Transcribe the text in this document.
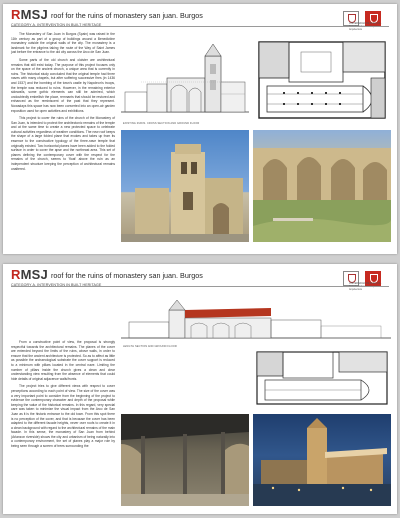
RMSJ roof for the ruins of monastery san juan. Burgos
CATEGORY A. INTERVENTION IN BUILT HERITAGE	UNIVERSIDAD DE BURGOS · Escuela Politécnica Superior · Arquitectura

The Monastery of San Juan in Burgos (Spain) was raised in the 11th century as part of a group of buildings around a Benedictine monastery outside the original walls of the city. The monastery is a landmark for the pilgrims taking the route of the Way of Saint James just before the entrance to the old city across the Arco de San Juan.

Some parts of the old church and cloister are architectural remains that still exist today. The purpose of this project focuses only on the space of the ancient church, a unique area that is currently in ruins. The historical study concluded that the original temple had three naves with many chapels, but after suffering successive fires (in 1436 and 1537) and the bombing of the town's castle by Napoleon's troops, the temple was reduced to ruins. However, in the remaining exterior sidewalls, some gothic elements can still be admired, which undoubtedly embellish the place, remnants that should be restored and enhanced as the reminiscent of the past that they represent. Nowadays this space has now been converted into an open-air garden exposition used for open activities and exhibitions.

This project to cover the ruins of the church of the Monastery of San Juan, is intended to protect the architectonic remains of the temple and at the same time to create a new protected space to celebrate cultural activities regardless of weather conditions. The new roof keeps the shape of a large folded plane that evokes and takes up from its essence to the constructive typology of the three-nave temple that originally existed. Two horizontal planes have been added to the folded surface in order to cover the apse and the northeast area. This set of planes defining the contemporary cover with the respect for the remains of the church, seems to 'float' above the ruin as an independent structure keeping the perception of architectural remains unaltered.

EXISTING RUINS. CROSS SECTION AND GROUND FLOOR
RMSJ roof for the ruins of monastery san juan. Burgos
CATEGORY A. INTERVENTION IN BUILT HERITAGE	UNIVERSIDAD DE BURGOS · Escuela Politécnica Superior · Arquitectura

From a constructive point of view, the proposal is strongly respectful towards the architectural remains. The planes of the cover are extended beyond the limits of the ruins, above walls, in order to ensure that the ancient architecture is protected. So as to affect as little as possible the archaeological substrate the cover support is reduced to a minimum with pillars located in the central nave. Limiting the number of pillars inside the church gives a clean and clear understanding view resulting from the absence of elements that could hide details of original adjacence walls/fronts.

The project tries to give different views with respect to cover perceptions according to each point of view. The size of the cover was a very important point to consider from the beginning of the project to evidence the contemporary character and depth of the proposal while keeping the value of the historical remains. In this regard, very special care was taken to minimize the visual impact from the Arco de San Juan as it is the historic entrance to the old town. From this spot there is no perception of the cover, and that is because the cover has been adapted to the different facade heights, never over roofs to create it in a clean background with regard to the architectural remains of the main facade. In this sense, the monastery of San Juan from behind (Arlanzon riverside) shows the city and urbanism of being naturally into a contemporary environment, the set of planes play a major role by being seen through a screen of trees surrounding the

LENGTH SECTION AND GROUND FLOOR
